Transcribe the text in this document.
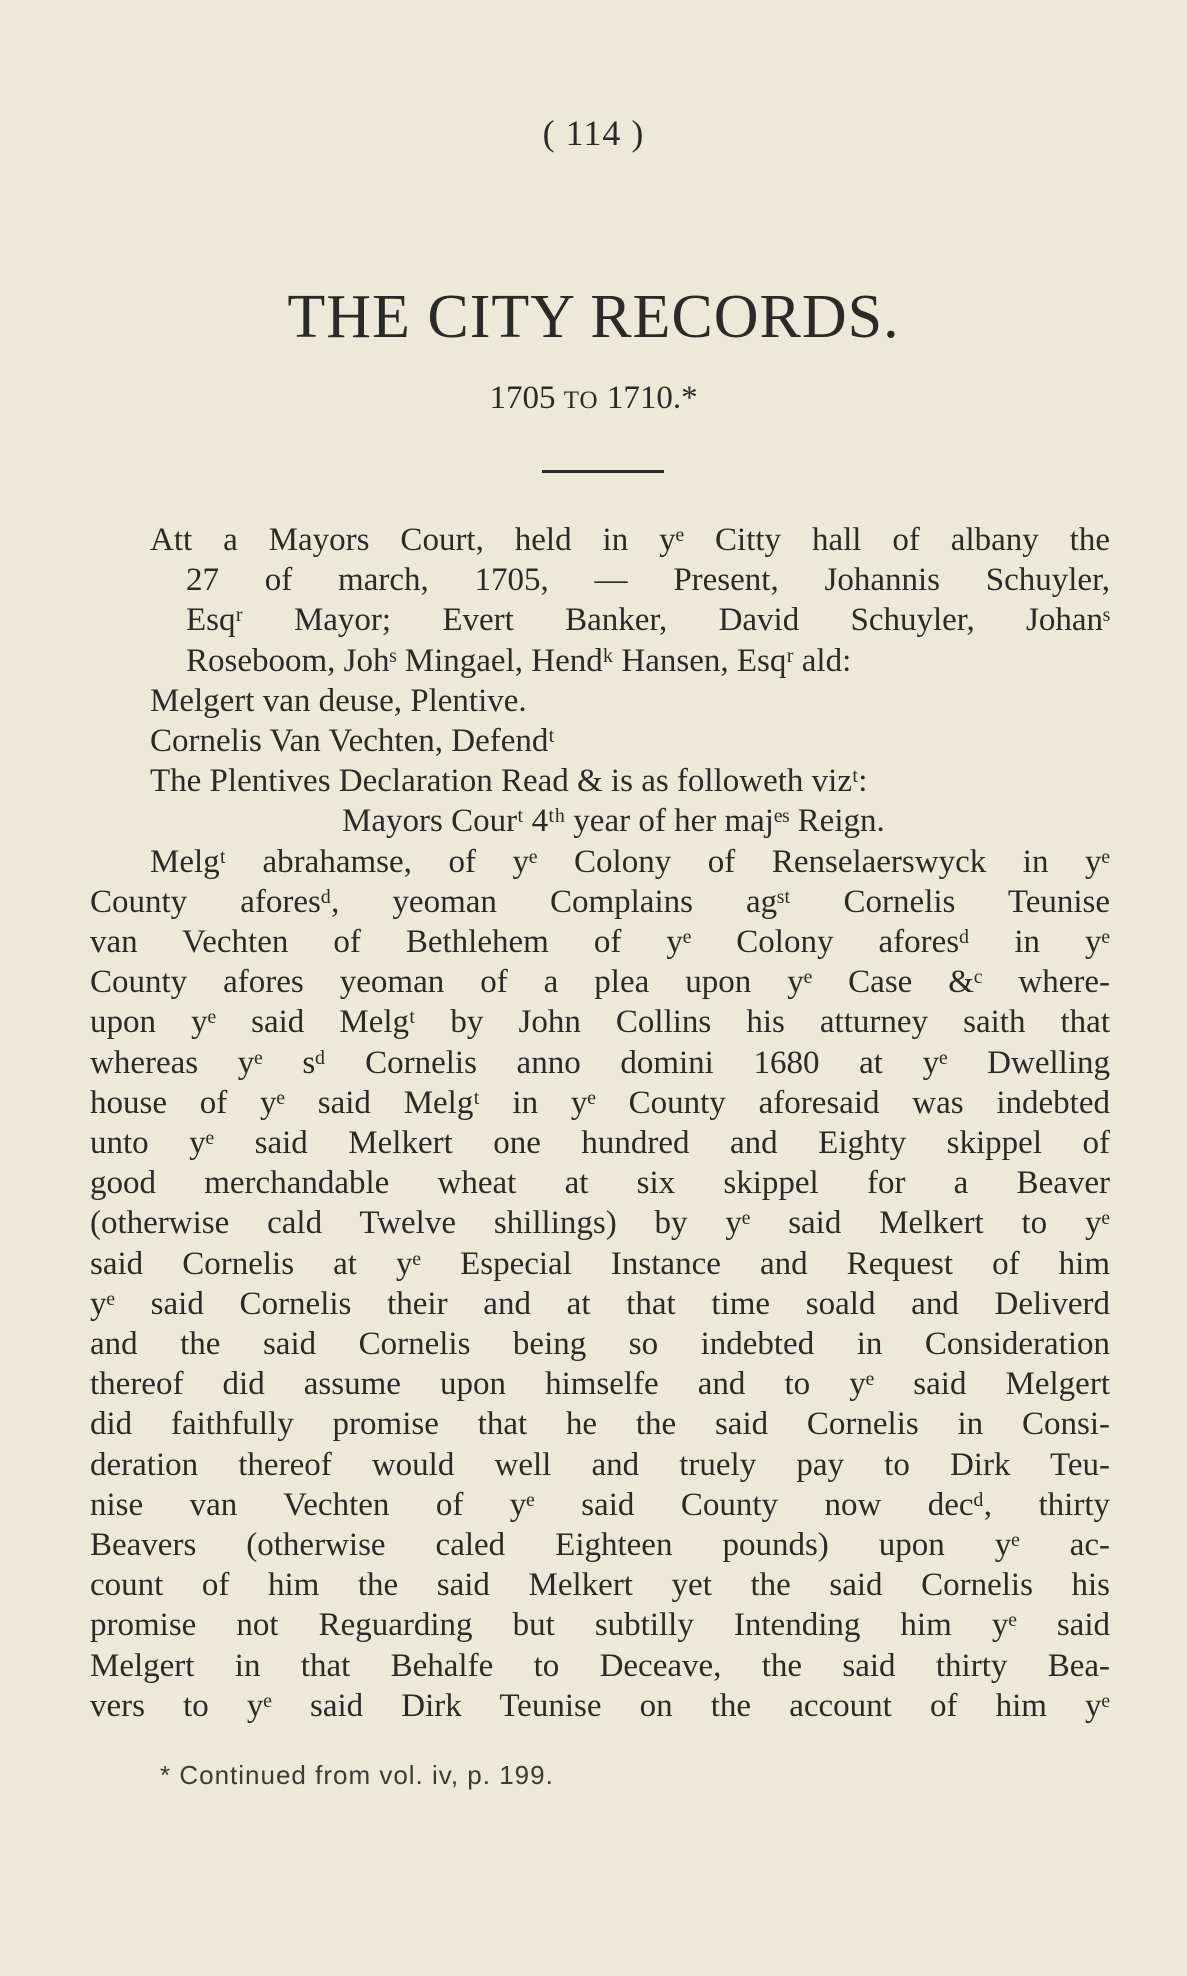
( 114 )
THE CITY RECORDS.
1705 TO 1710.*
Att a Mayors Court, held in yᵉ Citty hall of albany the
27 of march, 1705, — Present, Johannis Schuyler,
Esqʳ Mayor; Evert Banker, David Schuyler, Johanˢ
Roseboom, Johˢ Mingael, Hendᵏ Hansen, Esqʳ ald:
Melgert van deuse, Plentive.
Cornelis Van Vechten, Defendᵗ
The Plentives Declaration Read & is as followeth vizᵗ:
Mayors Courᵗ 4ᵗʰ year of her majᵉˢ Reign.
Melgᵗ abrahamse, of yᵉ Colony of Renselaerswyck in yᵉ
County aforesᵈ, yeoman Complains agˢᵗ Cornelis Teunise
van Vechten of Bethlehem of yᵉ Colony aforesᵈ in yᵉ
County afores yeoman of a plea upon yᵉ Case &ᶜ where-
upon yᵉ said Melgᵗ by John Collins his atturney saith that
whereas yᵉ sᵈ Cornelis anno domini 1680 at yᵉ Dwelling
house of yᵉ said Melgᵗ in yᵉ County aforesaid was indebted
unto yᵉ said Melkert one hundred and Eighty skippel of
good merchandable wheat at six skippel for a Beaver
(otherwise cald Twelve shillings) by yᵉ said Melkert to yᵉ
said Cornelis at yᵉ Especial Instance and Request of him
yᵉ said Cornelis their and at that time soald and Deliverd
and the said Cornelis being so indebted in Consideration
thereof did assume upon himselfe and to yᵉ said Melgert
did faithfully promise that he the said Cornelis in Consi-
deration thereof would well and truely pay to Dirk Teu-
nise van Vechten of yᵉ said County now decᵈ, thirty
Beavers (otherwise caled Eighteen pounds) upon yᵉ ac-
count of him the said Melkert yet the said Cornelis his
promise not Reguarding but subtilly Intending him yᵉ said
Melgert in that Behalfe to Deceave, the said thirty Bea-
vers to yᵉ said Dirk Teunise on the account of him yᵉ
* Continued from vol. iv, p. 199.
